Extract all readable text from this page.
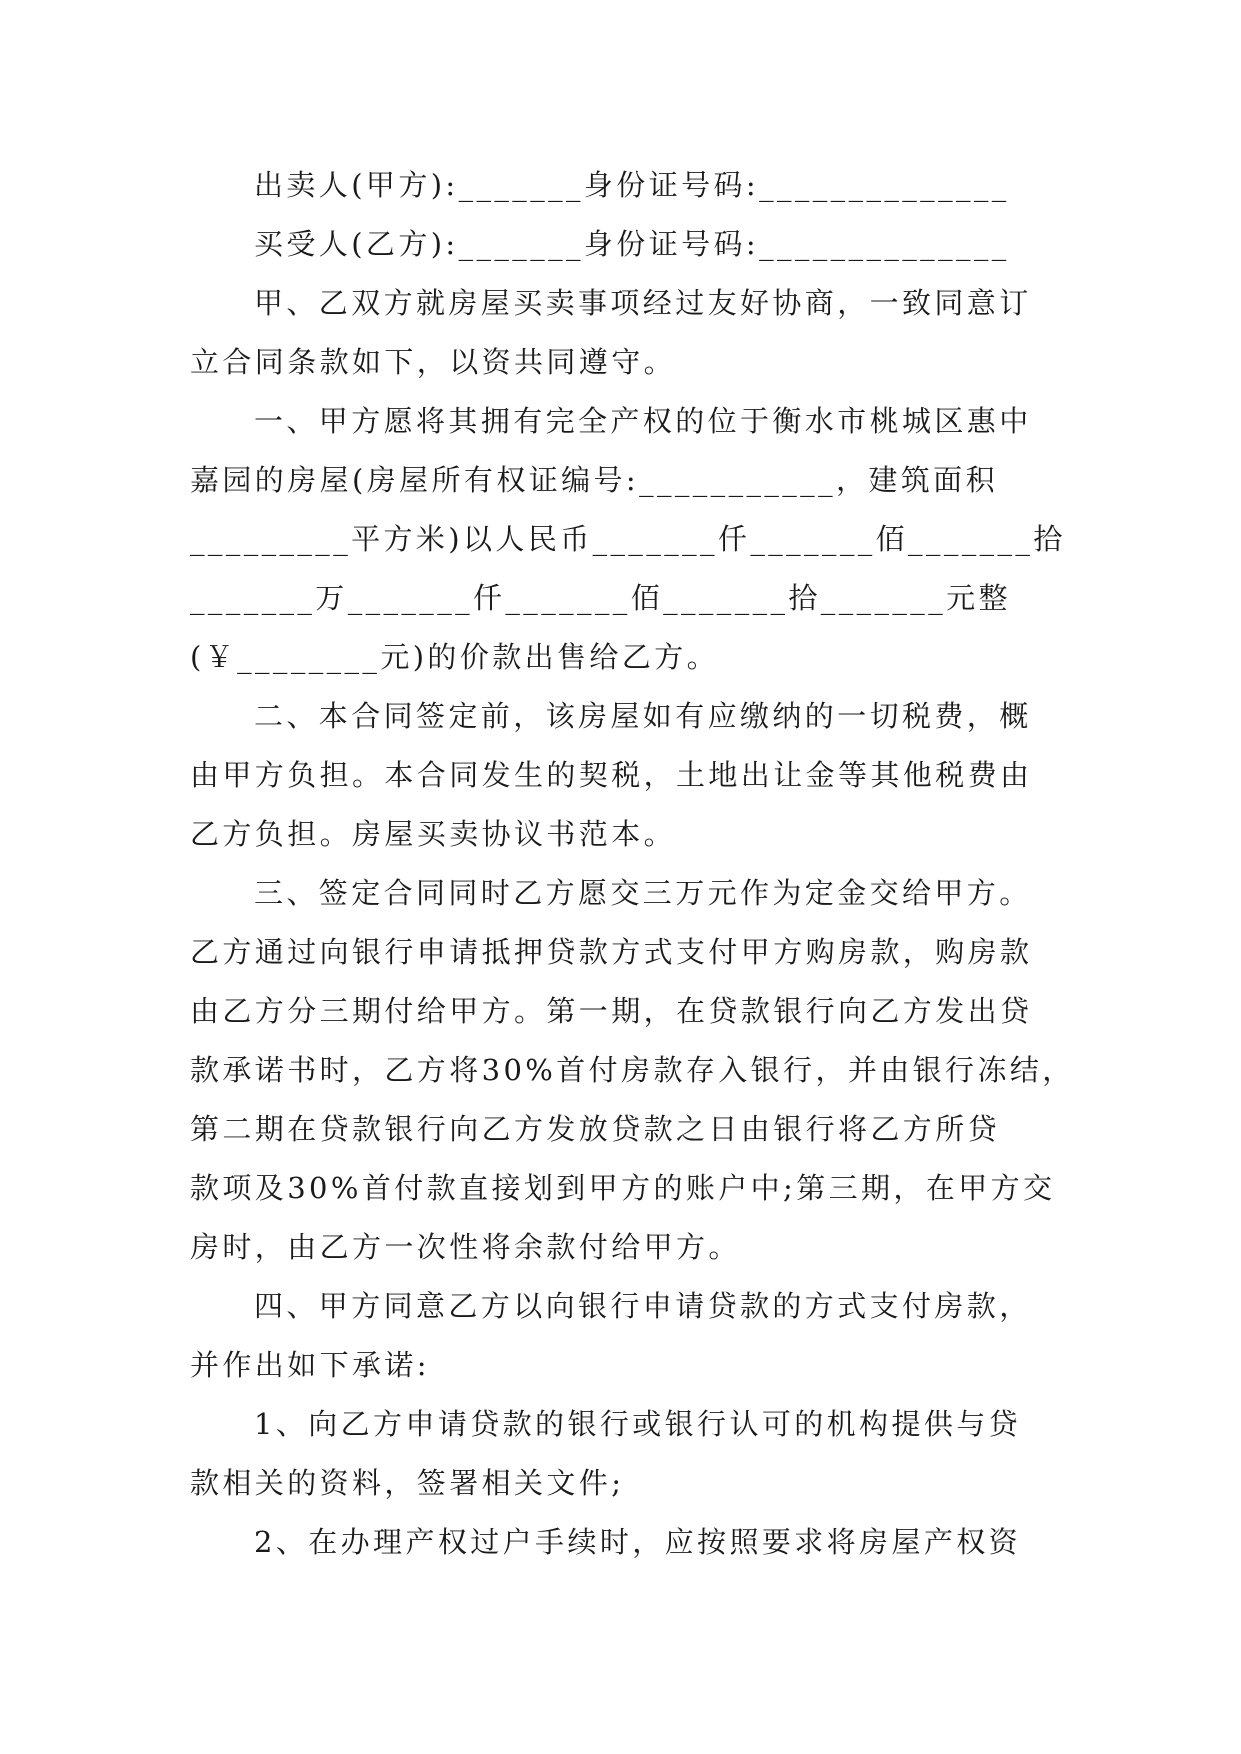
出卖人(甲方):_______身份证号码:______________
买受人(乙方):_______身份证号码:______________
甲、乙双方就房屋买卖事项经过友好协商，一致同意订
立合同条款如下，以资共同遵守。
一、甲方愿将其拥有完全产权的位于衡水市桃城区惠中
嘉园的房屋(房屋所有权证编号:___________，建筑面积
_________平方米)以人民币_______仟_______佰_______拾
_______万_______仟_______佰_______拾_______元整
(￥________元)的价款出售给乙方。
二、本合同签定前，该房屋如有应缴纳的一切税费，概
由甲方负担。本合同发生的契税，土地出让金等其他税费由
乙方负担。房屋买卖协议书范本。
三、签定合同同时乙方愿交三万元作为定金交给甲方。
乙方通过向银行申请抵押贷款方式支付甲方购房款，购房款
由乙方分三期付给甲方。第一期，在贷款银行向乙方发出贷
款承诺书时，乙方将30%首付房款存入银行，并由银行冻结，
第二期在贷款银行向乙方发放贷款之日由银行将乙方所贷
款项及30%首付款直接划到甲方的账户中;第三期，在甲方交
房时，由乙方一次性将余款付给甲方。
四、甲方同意乙方以向银行申请贷款的方式支付房款，
并作出如下承诺:
1、向乙方申请贷款的银行或银行认可的机构提供与贷
款相关的资料，签署相关文件;
2、在办理产权过户手续时，应按照要求将房屋产权资
